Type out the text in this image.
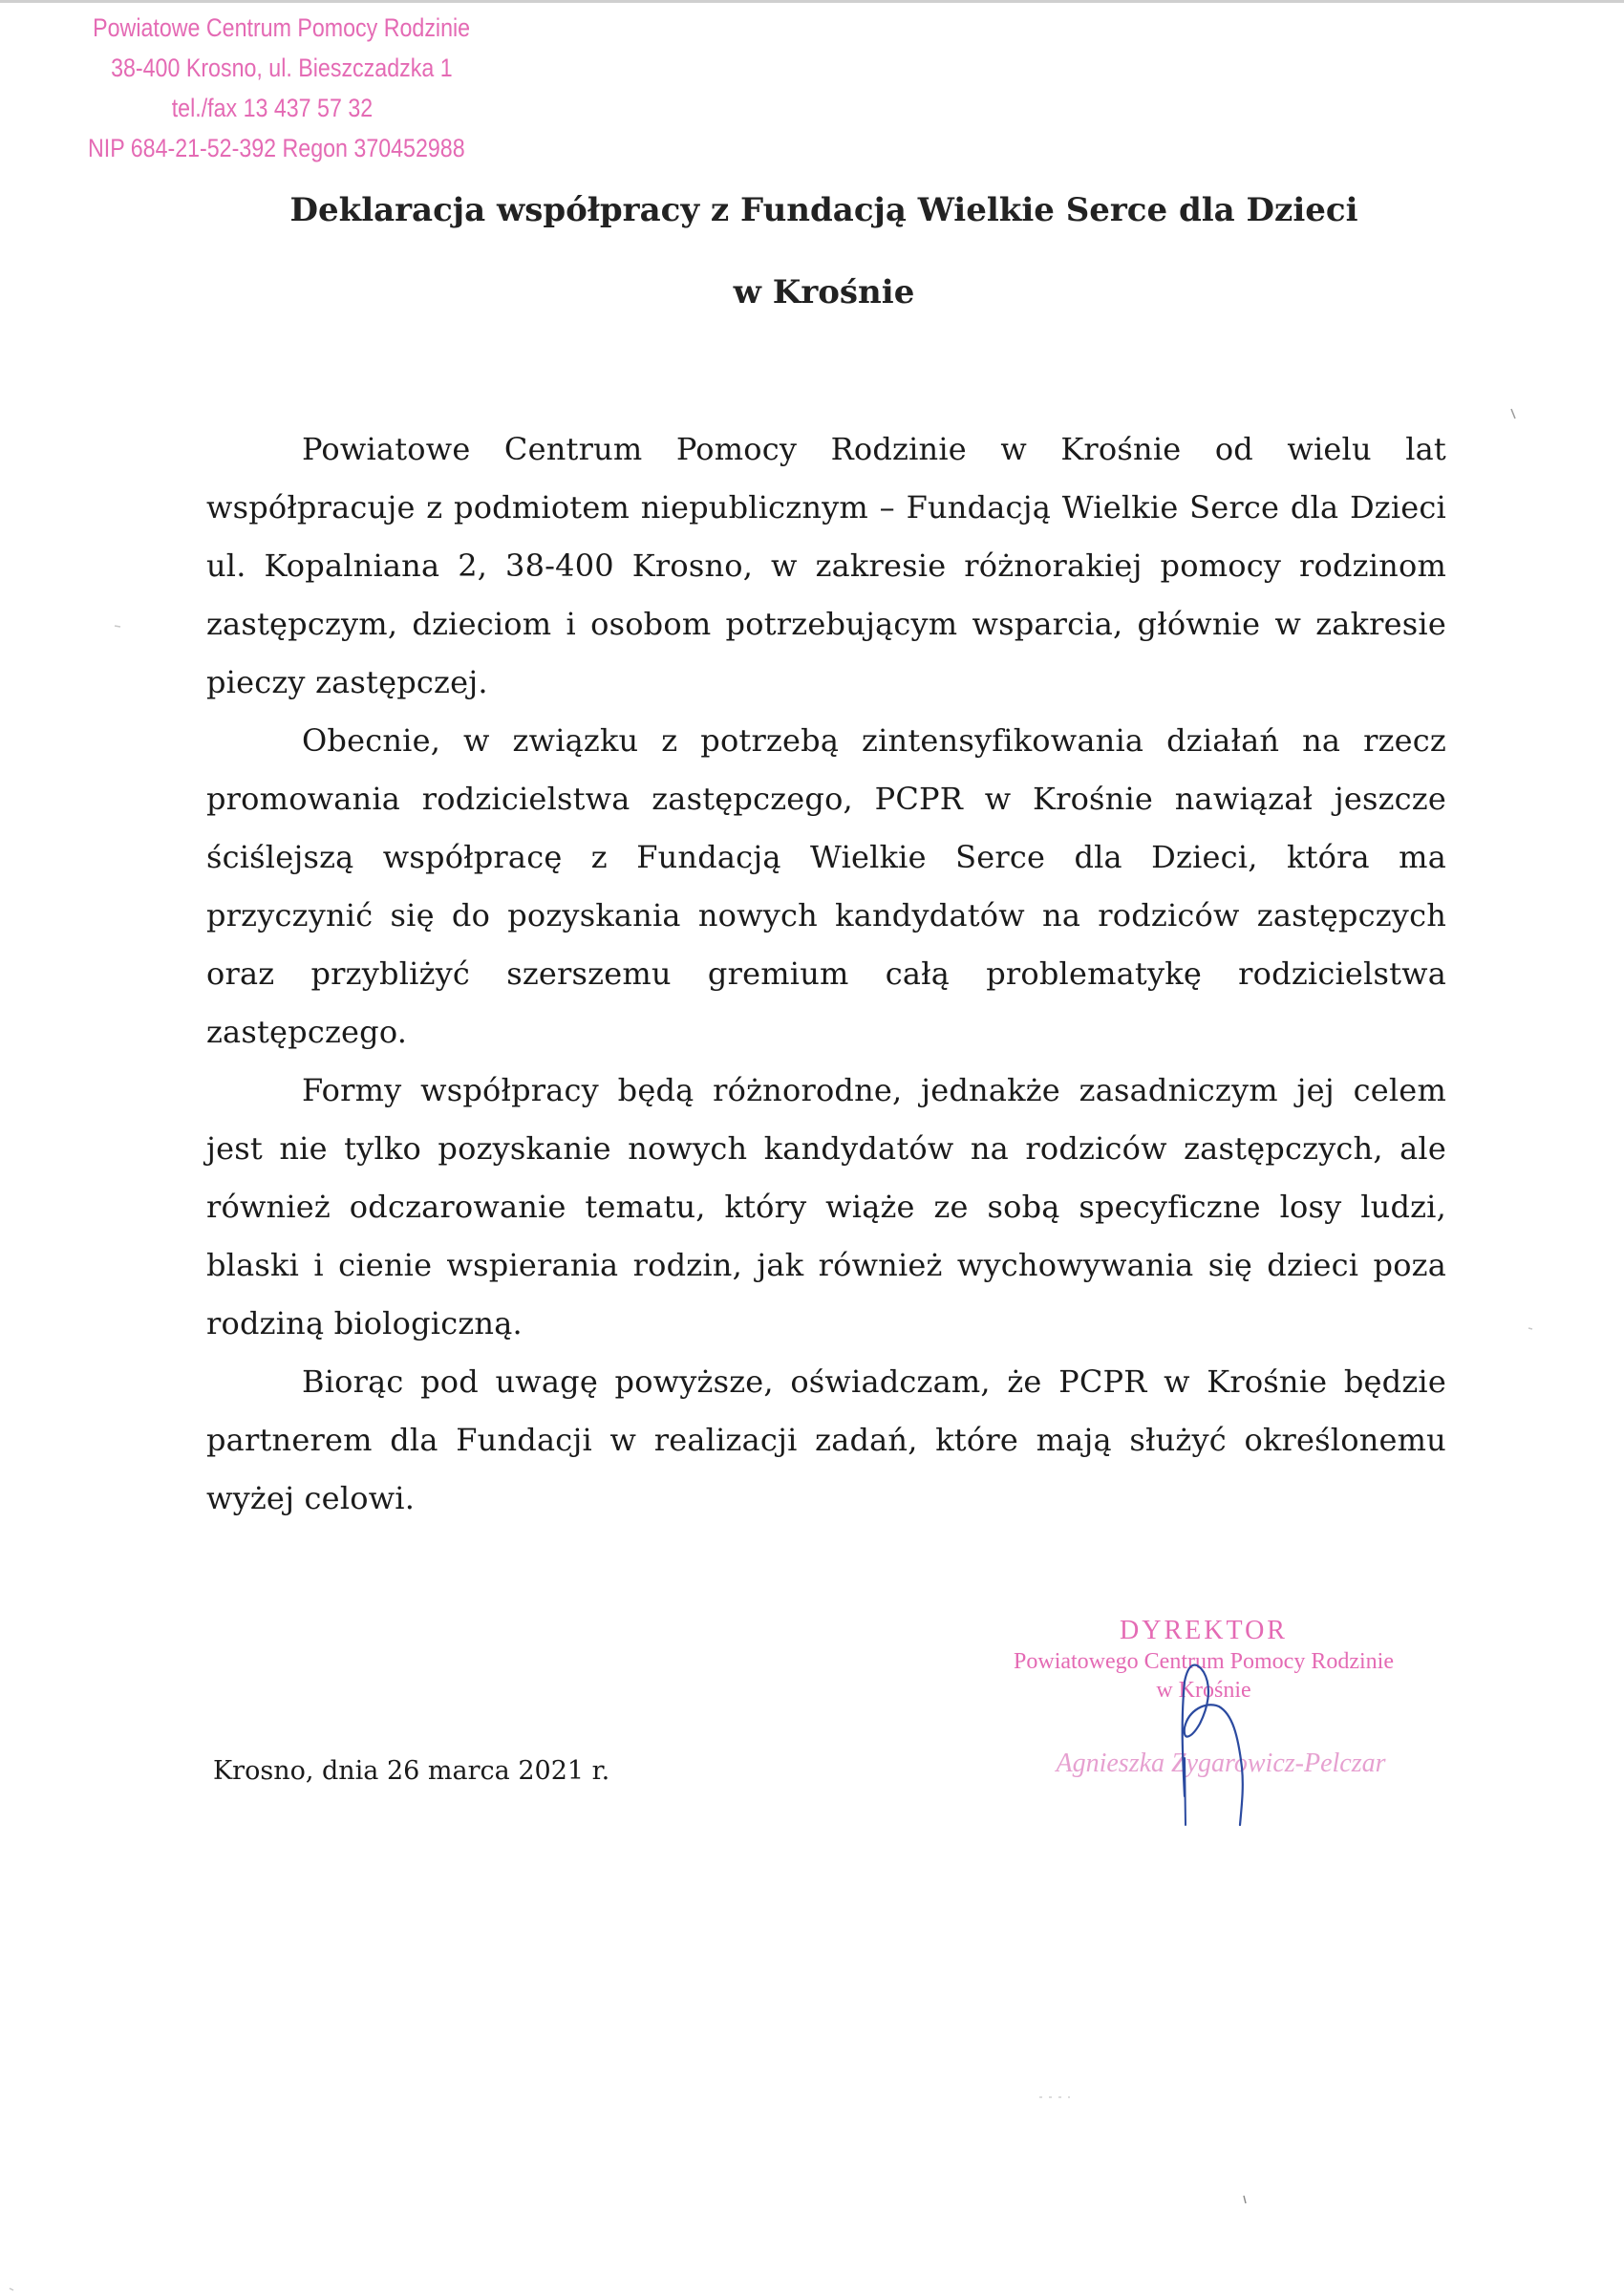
Powiatowe Centrum Pomocy Rodzinie
38-400 Krosno, ul. Bieszczadzka 1
tel./fax 13 437 57 32
NIP 684-21-52-392 Regon 370452988
Deklaracja współpracy z Fundacją Wielkie Serce dla Dzieci
w Krośnie

Powiatowe Centrum Pomocy Rodzinie w Krośnie od wielu lat współpracuje z podmiotem niepublicznym – Fundacją Wielkie Serce dla Dzieci ul. Kopalniana 2, 38-400 Krosno, w zakresie różnorakiej pomocy rodzinom zastępczym, dzieciom i osobom potrzebującym wsparcia, głównie w zakresie pieczy zastępczej.

Obecnie, w związku z potrzebą zintensyfikowania działań na rzecz promowania rodzicielstwa zastępczego, PCPR w Krośnie nawiązał jeszcze ściślejszą współpracę z Fundacją Wielkie Serce dla Dzieci, która ma przyczynić się do pozyskania nowych kandydatów na rodziców zastępczych oraz przybliżyć szerszemu gremium całą problematykę rodzicielstwa zastępczego.

Formy współpracy będą różnorodne, jednakże zasadniczym jej celem jest nie tylko pozyskanie nowych kandydatów na rodziców zastępczych, ale również odczarowanie tematu, który wiąże ze sobą specyficzne losy ludzi, blaski i cienie wspierania rodzin, jak również wychowywania się dzieci poza rodziną biologiczną.

Biorąc pod uwagę powyższe, oświadczam, że PCPR w Krośnie będzie partnerem dla Fundacji w realizacji zadań, które mają służyć określonemu wyżej celowi.

Krosno, dnia 26 marca 2021 r.
DYREKTOR
Powiatowego Centrum Pomocy Rodzinie
w Krośnie
Agnieszka Zygarowicz-Pelczar
